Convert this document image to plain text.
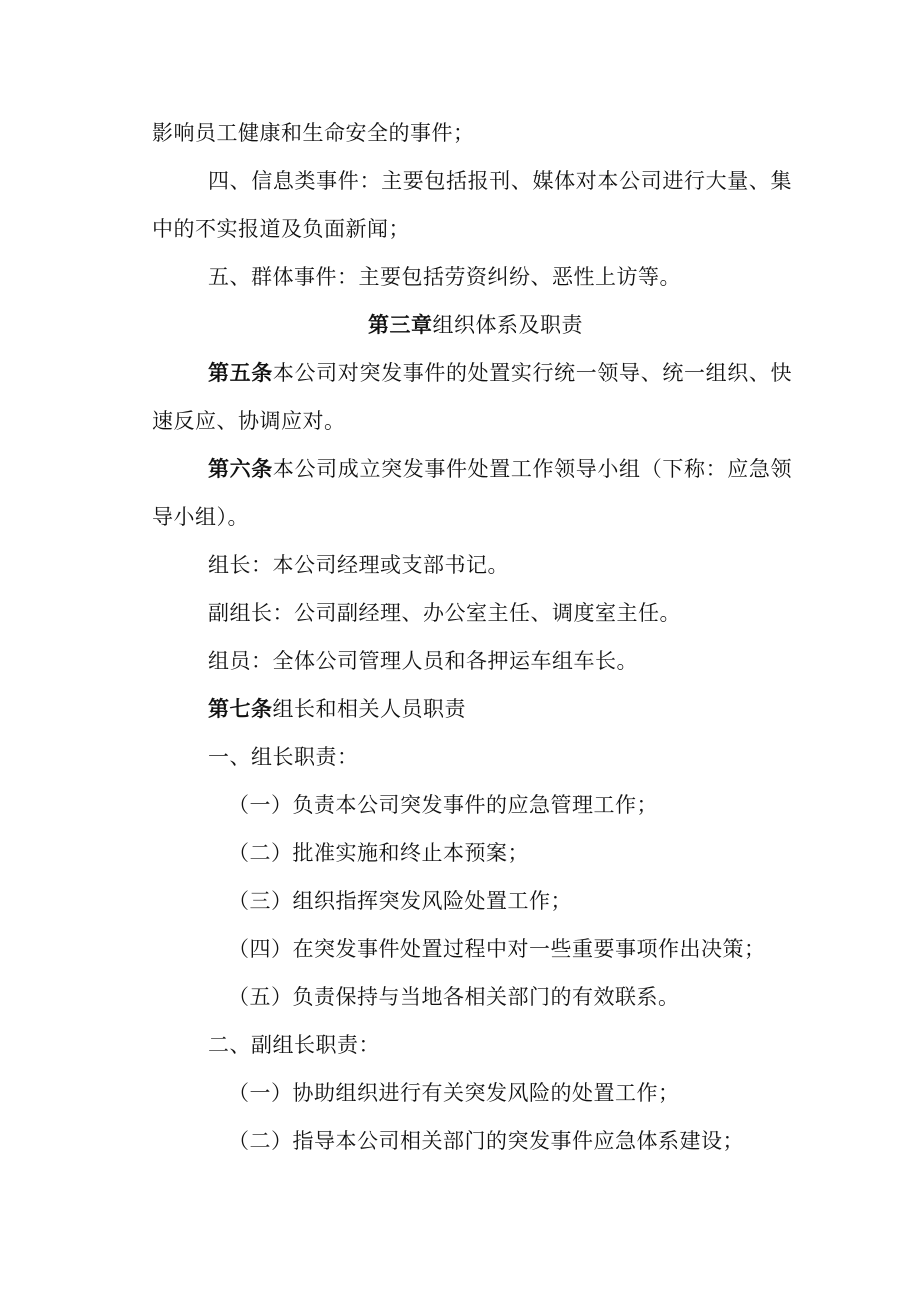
影响员工健康和生命安全的事件；
四、信息类事件：主要包括报刊、媒体对本公司进行大量、集
中的不实报道及负面新闻；
五、群体事件：主要包括劳资纠纷、恶性上访等。
第三章组织体系及职责
第五条本公司对突发事件的处置实行统一领导、统一组织、快
速反应、协调应对。
第六条本公司成立突发事件处置工作领导小组（下称：应急领
导小组）。
组长：本公司经理或支部书记。
副组长：公司副经理、办公室主任、调度室主任。
组员：全体公司管理人员和各押运车组车长。
第七条组长和相关人员职责
一、组长职责：
（一）负责本公司突发事件的应急管理工作；
（二）批准实施和终止本预案；
（三）组织指挥突发风险处置工作；
（四）在突发事件处置过程中对一些重要事项作出决策；
（五）负责保持与当地各相关部门的有效联系。
二、副组长职责：
（一）协助组织进行有关突发风险的处置工作；
（二）指导本公司相关部门的突发事件应急体系建设；
